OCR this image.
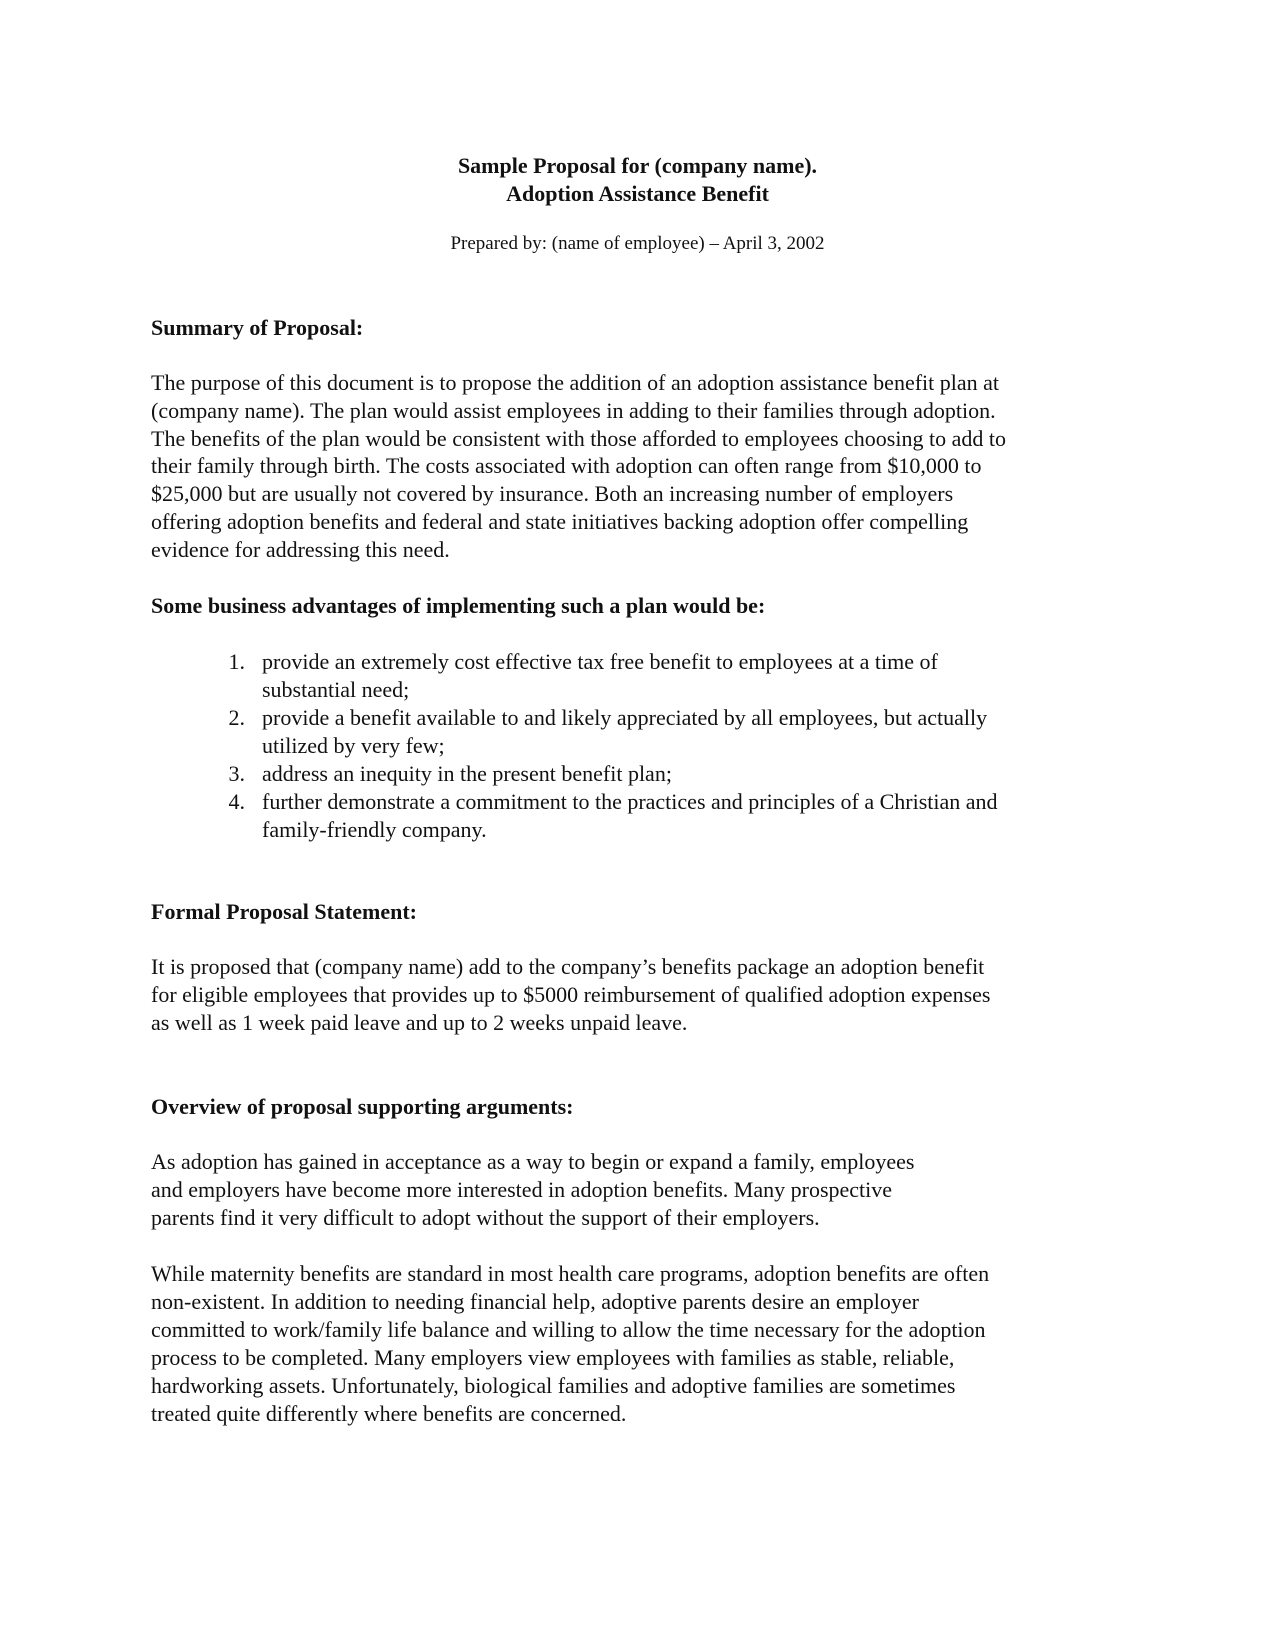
Sample Proposal for (company name).
Adoption Assistance Benefit
Prepared by: (name of employee) – April 3, 2002
Summary of Proposal:
The purpose of this document is to propose the addition of an adoption assistance benefit plan at
(company name). The plan would assist employees in adding to their families through adoption.
The benefits of the plan would be consistent with those afforded to employees choosing to add to
their family through birth. The costs associated with adoption can often range from $10,000 to
$25,000 but are usually not covered by insurance. Both an increasing number of employers
offering adoption benefits and federal and state initiatives backing adoption offer compelling
evidence for addressing this need.
Some business advantages of implementing such a plan would be:
1. provide an extremely cost effective tax free benefit to employees at a time of
substantial need;
2. provide a benefit available to and likely appreciated by all employees, but actually
utilized by very few;
3. address an inequity in the present benefit plan;
4. further demonstrate a commitment to the practices and principles of a Christian and
family-friendly company.
Formal Proposal Statement:
It is proposed that (company name) add to the company’s benefits package an adoption benefit
for eligible employees that provides up to $5000 reimbursement of qualified adoption expenses
as well as 1 week paid leave and up to 2 weeks unpaid leave.
Overview of proposal supporting arguments:
As adoption has gained in acceptance as a way to begin or expand a family, employees
and employers have become more interested in adoption benefits. Many prospective
parents find it very difficult to adopt without the support of their employers.
While maternity benefits are standard in most health care programs, adoption benefits are often
non-existent. In addition to needing financial help, adoptive parents desire an employer
committed to work/family life balance and willing to allow the time necessary for the adoption
process to be completed. Many employers view employees with families as stable, reliable,
hardworking assets. Unfortunately, biological families and adoptive families are sometimes
treated quite differently where benefits are concerned.
